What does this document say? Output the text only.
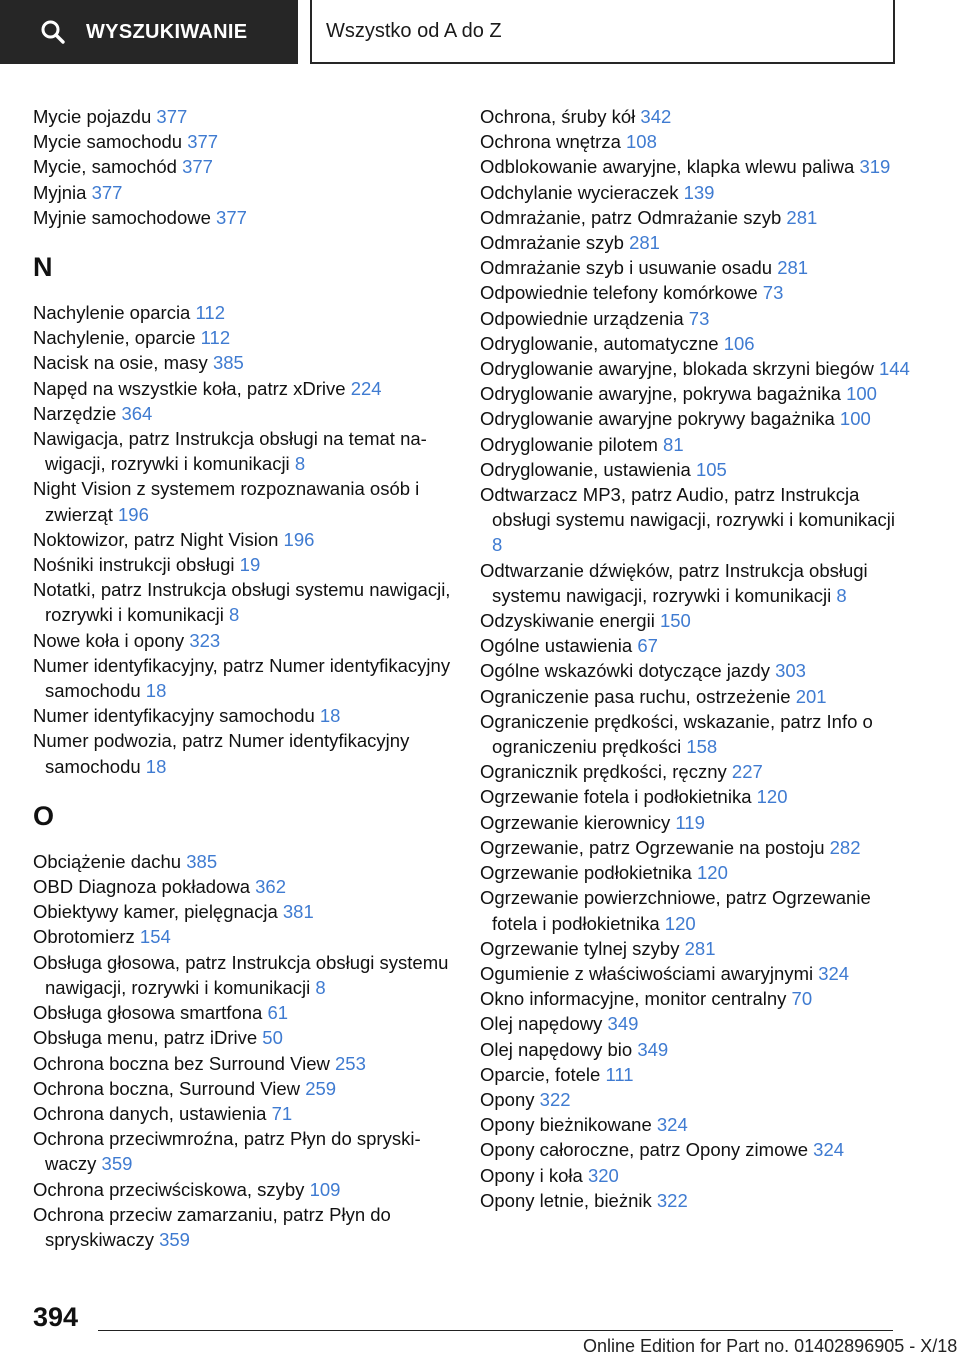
WYSZUKIWANIE	Wszystko od A do Z
Mycie pojazdu 377
Mycie samochodu 377
Mycie, samochód 377
Myjnia 377
Myjnie samochodowe 377
N
Nachylenie oparcia 112
Nachylenie, oparcie 112
Nacisk na osie, masy 385
Napęd na wszystkie koła, patrz xDrive 224
Narzędzie 364
Nawigacja, patrz Instrukcja obsługi na temat nawigacji, rozrywki i komunikacji 8
Night Vision z systemem rozpoznawania osób i zwierząt 196
Noktowizor, patrz Night Vision 196
Nośniki instrukcji obsługi 19
Notatki, patrz Instrukcja obsługi systemu nawigacji, rozrywki i komunikacji 8
Nowe koła i opony 323
Numer identyfikacyjny, patrz Numer identyfikacyjny samochodu 18
Numer identyfikacyjny samochodu 18
Numer podwozia, patrz Numer identyfikacyjny samochodu 18
O
Obciążenie dachu 385
OBD Diagnoza pokładowa 362
Obiektywy kamer, pielęgnacja 381
Obrotomierz 154
Obsługa głosowa, patrz Instrukcja obsługi systemu nawigacji, rozrywki i komunikacji 8
Obsługa głosowa smartfona 61
Obsługa menu, patrz iDrive 50
Ochrona boczna bez Surround View 253
Ochrona boczna, Surround View 259
Ochrona danych, ustawienia 71
Ochrona przeciwmroźna, patrz Płyn do spryskiwaczy 359
Ochrona przeciwściskowa, szyby 109
Ochrona przeciw zamarzaniu, patrz Płyn do spryskiwaczy 359
Ochrona, śruby kół 342
Ochrona wnętrza 108
Odblokowanie awaryjne, klapka wlewu paliwa 319
Odchylanie wycieraczek 139
Odmrażanie, patrz Odmrażanie szyb 281
Odmrażanie szyb 281
Odmrażanie szyb i usuwanie osadu 281
Odpowiednie telefony komórkowe 73
Odpowiednie urządzenia 73
Odryglowanie, automatyczne 106
Odryglowanie awaryjne, blokada skrzyni biegów 144
Odryglowanie awaryjne, pokrywa bagażnika 100
Odryglowanie awaryjne pokrywy bagażnika 100
Odryglowanie pilotem 81
Odryglowanie, ustawienia 105
Odtwarzacz MP3, patrz Audio, patrz Instrukcja obsługi systemu nawigacji, rozrywki i komunikacji 8
Odtwarzanie dźwięków, patrz Instrukcja obsługi systemu nawigacji, rozrywki i komunikacji 8
Odzyskiwanie energii 150
Ogólne ustawienia 67
Ogólne wskazówki dotyczące jazdy 303
Ograniczenie pasa ruchu, ostrzeżenie 201
Ograniczenie prędkości, wskazanie, patrz Info o ograniczeniu prędkości 158
Ogranicznik prędkości, ręczny 227
Ogrzewanie fotela i podłokietnika 120
Ogrzewanie kierownicy 119
Ogrzewanie, patrz Ogrzewanie na postoju 282
Ogrzewanie podłokietnika 120
Ogrzewanie powierzchniowe, patrz Ogrzewanie fotela i podłokietnika 120
Ogrzewanie tylnej szyby 281
Ogumienie z właściwościami awaryjnymi 324
Okno informacyjne, monitor centralny 70
Olej napędowy 349
Olej napędowy bio 349
Oparcie, fotele 111
Opony 322
Opony bieżnikowane 324
Opony całoroczne, patrz Opony zimowe 324
Opony i koła 320
Opony letnie, bieżnik 322
394
Online Edition for Part no. 01402896905 - X/18
